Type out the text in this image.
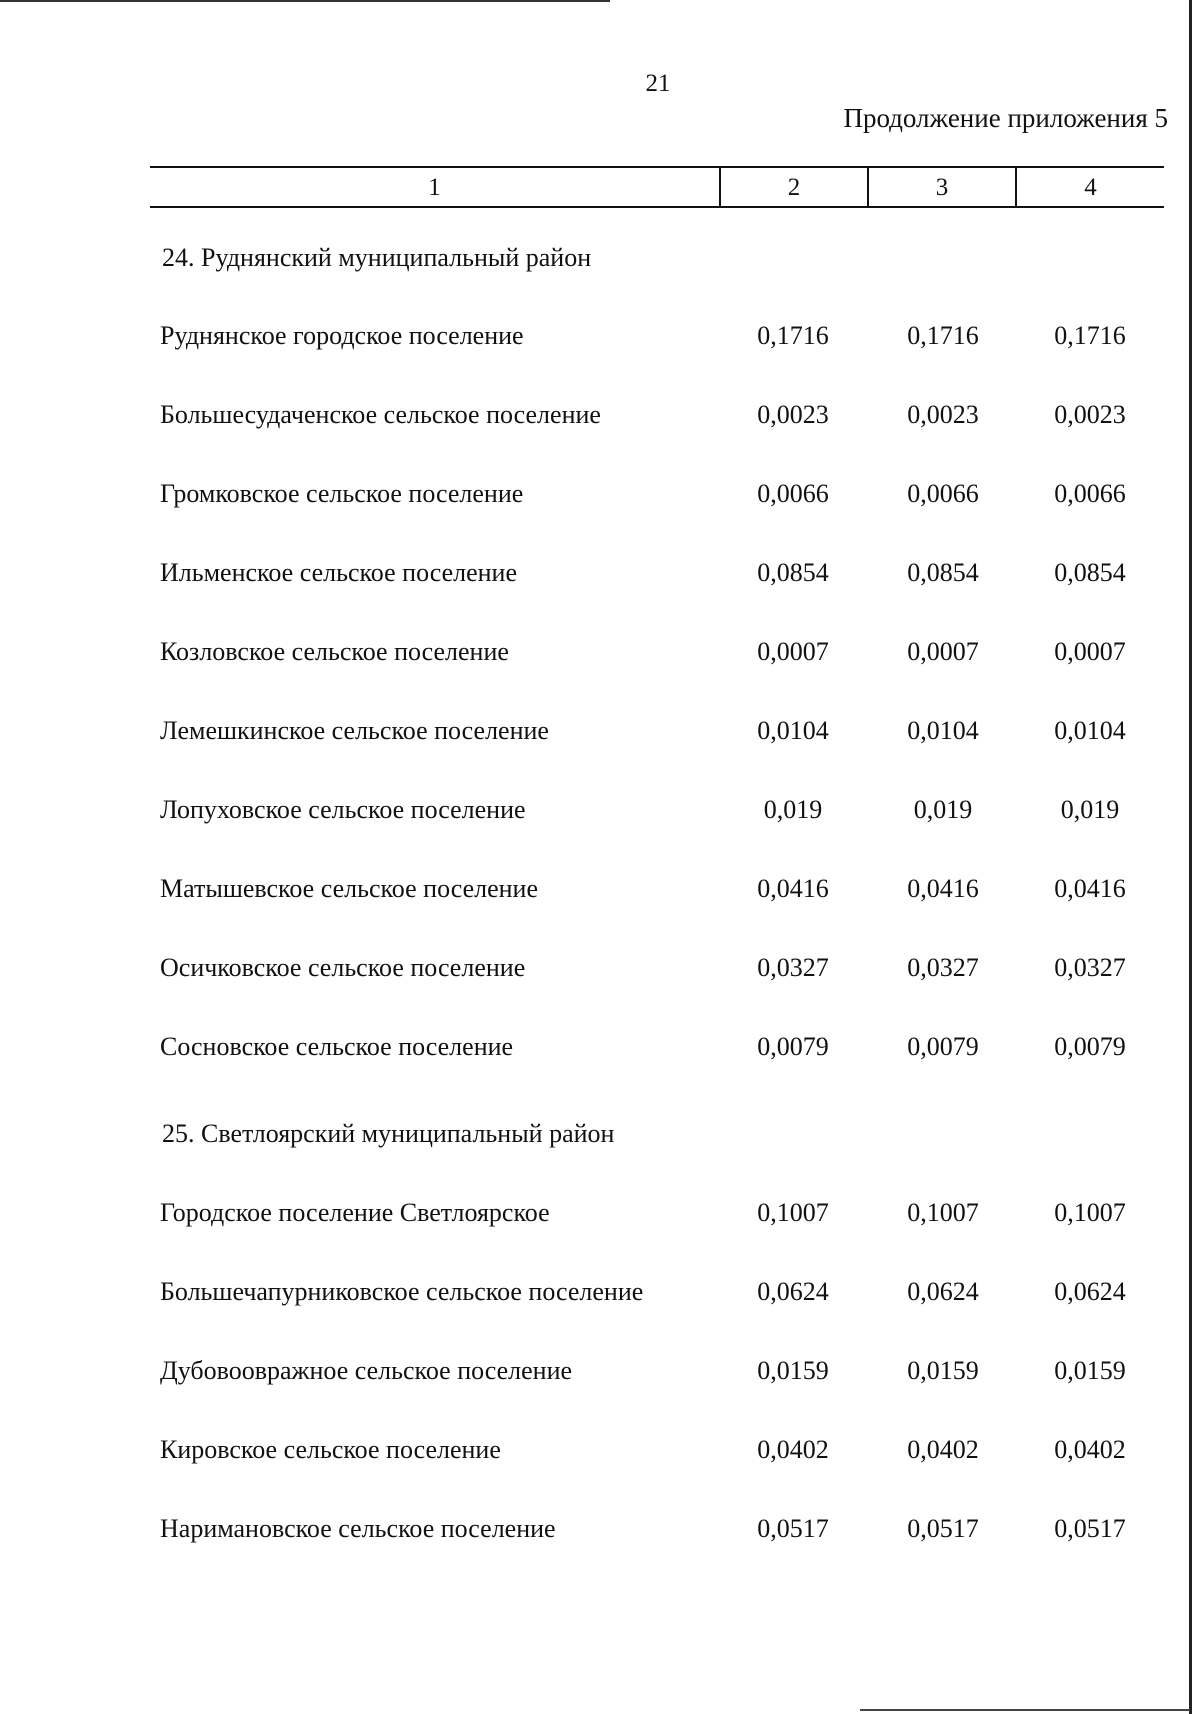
21
Продолжение приложения 5
1	2	3	4
24. Руднянский муниципальный район
Руднянское городское поселение	0,1716	0,1716	0,1716
Большесудаченское сельское поселение	0,0023	0,0023	0,0023
Громковское сельское поселение	0,0066	0,0066	0,0066
Ильменское сельское поселение	0,0854	0,0854	0,0854
Козловское сельское поселение	0,0007	0,0007	0,0007
Лемешкинское сельское поселение	0,0104	0,0104	0,0104
Лопуховское сельское поселение	0,019	0,019	0,019
Матышевское сельское поселение	0,0416	0,0416	0,0416
Осичковское сельское поселение	0,0327	0,0327	0,0327
Сосновское сельское поселение	0,0079	0,0079	0,0079
25. Светлоярский муниципальный район
Городское поселение Светлоярское	0,1007	0,1007	0,1007
Большечапурниковское сельское поселение	0,0624	0,0624	0,0624
Дубовоовражное сельское поселение	0,0159	0,0159	0,0159
Кировское сельское поселение	0,0402	0,0402	0,0402
Наримановское сельское поселение	0,0517	0,0517	0,0517
